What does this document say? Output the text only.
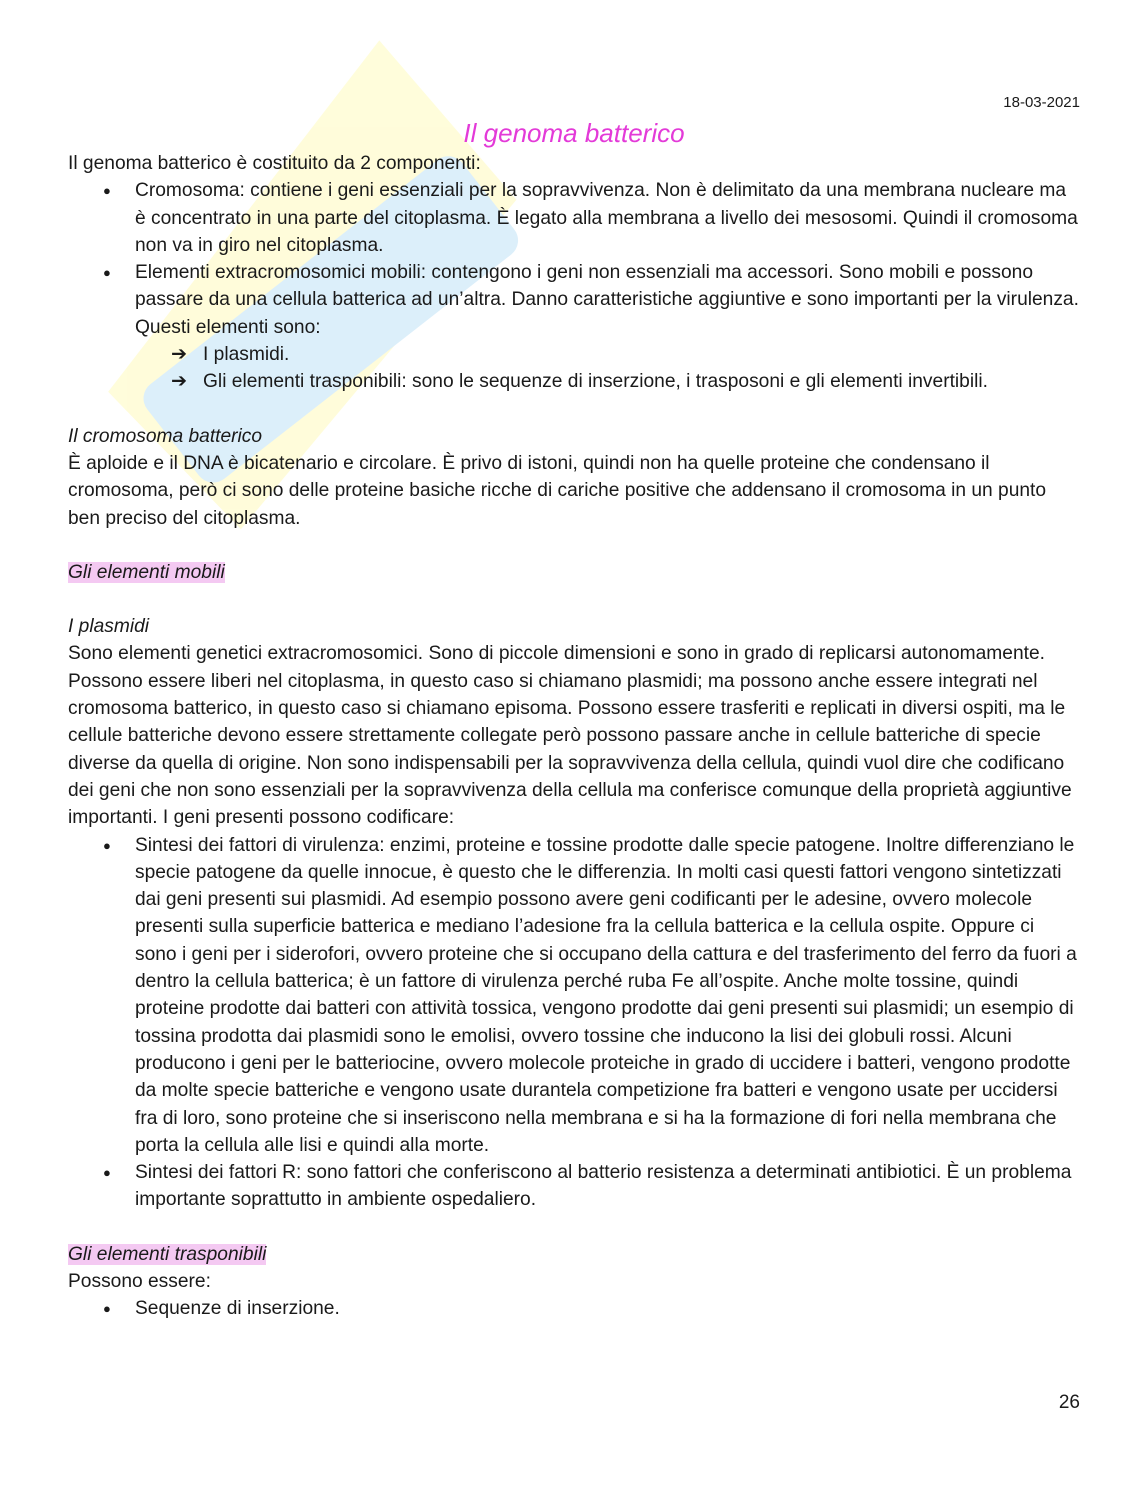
18-03-2021
Il genoma batterico

Il genoma batterico è costituito da 2 componenti:

● Cromosoma: contiene i geni essenziali per la sopravvivenza. Non è delimitato da una membrana nucleare ma è concentrato in una parte del citoplasma. È legato alla membrana a livello dei mesosomi. Quindi il cromosoma non va in giro nel citoplasma.
● Elementi extracromosomici mobili: contengono i geni non essenziali ma accessori. Sono mobili e possono passare da una cellula batterica ad un’altra. Danno caratteristiche aggiuntive e sono importanti per la virulenza. Questi elementi sono:
➔ I plasmidi.
➔ Gli elementi trasponibili: sono le sequenze di inserzione, i trasposoni e gli elementi invertibili.

Il cromosoma batterico

È aploide e il DNA è bicatenario e circolare. È privo di istoni, quindi non ha quelle proteine che condensano il cromosoma, però ci sono delle proteine basiche ricche di cariche positive che addensano il cromosoma in un punto ben preciso del citoplasma.

Gli elementi mobili

I plasmidi

Sono elementi genetici extracromosomici. Sono di piccole dimensioni e sono in grado di replicarsi autonomamente. Possono essere liberi nel citoplasma, in questo caso si chiamano plasmidi; ma possono anche essere integrati nel cromosoma batterico, in questo caso si chiamano episoma. Possono essere trasferiti e replicati in diversi ospiti, ma le cellule batteriche devono essere strettamente collegate però possono passare anche in cellule batteriche di specie diverse da quella di origine. Non sono indispensabili per la sopravvivenza della cellula, quindi vuol dire che codificano dei geni che non sono essenziali per la sopravvivenza della cellula ma conferisce comunque della proprietà aggiuntive importanti. I geni presenti possono codificare:

● Sintesi dei fattori di virulenza: enzimi, proteine e tossine prodotte dalle specie patogene. Inoltre differenziano le specie patogene da quelle innocue, è questo che le differenzia. In molti casi questi fattori vengono sintetizzati dai geni presenti sui plasmidi. Ad esempio possono avere geni codificanti per le adesine, ovvero molecole presenti sulla superficie batterica e mediano l’adesione fra la cellula batterica e la cellula ospite. Oppure ci sono i geni per i siderofori, ovvero proteine che si occupano della cattura e del trasferimento del ferro da fuori a dentro la cellula batterica; è un fattore di virulenza perché ruba Fe all’ospite. Anche molte tossine, quindi proteine prodotte dai batteri con attività tossica, vengono prodotte dai geni presenti sui plasmidi; un esempio di tossina prodotta dai plasmidi sono le emolisi, ovvero tossine che inducono la lisi dei globuli rossi. Alcuni producono i geni per le batteriocine, ovvero molecole proteiche in grado di uccidere i batteri, vengono prodotte da molte specie batteriche e vengono usate durantela competizione fra batteri e vengono usate per uccidersi fra di loro, sono proteine che si inseriscono nella membrana e si ha la formazione di fori nella membrana che porta la cellula alle lisi e quindi alla morte.
● Sintesi dei fattori R: sono fattori che conferiscono al batterio resistenza a determinati antibiotici. È un problema importante soprattutto in ambiente ospedaliero.

Gli elementi trasponibili

Possono essere:

● Sequenze di inserzione.
26
